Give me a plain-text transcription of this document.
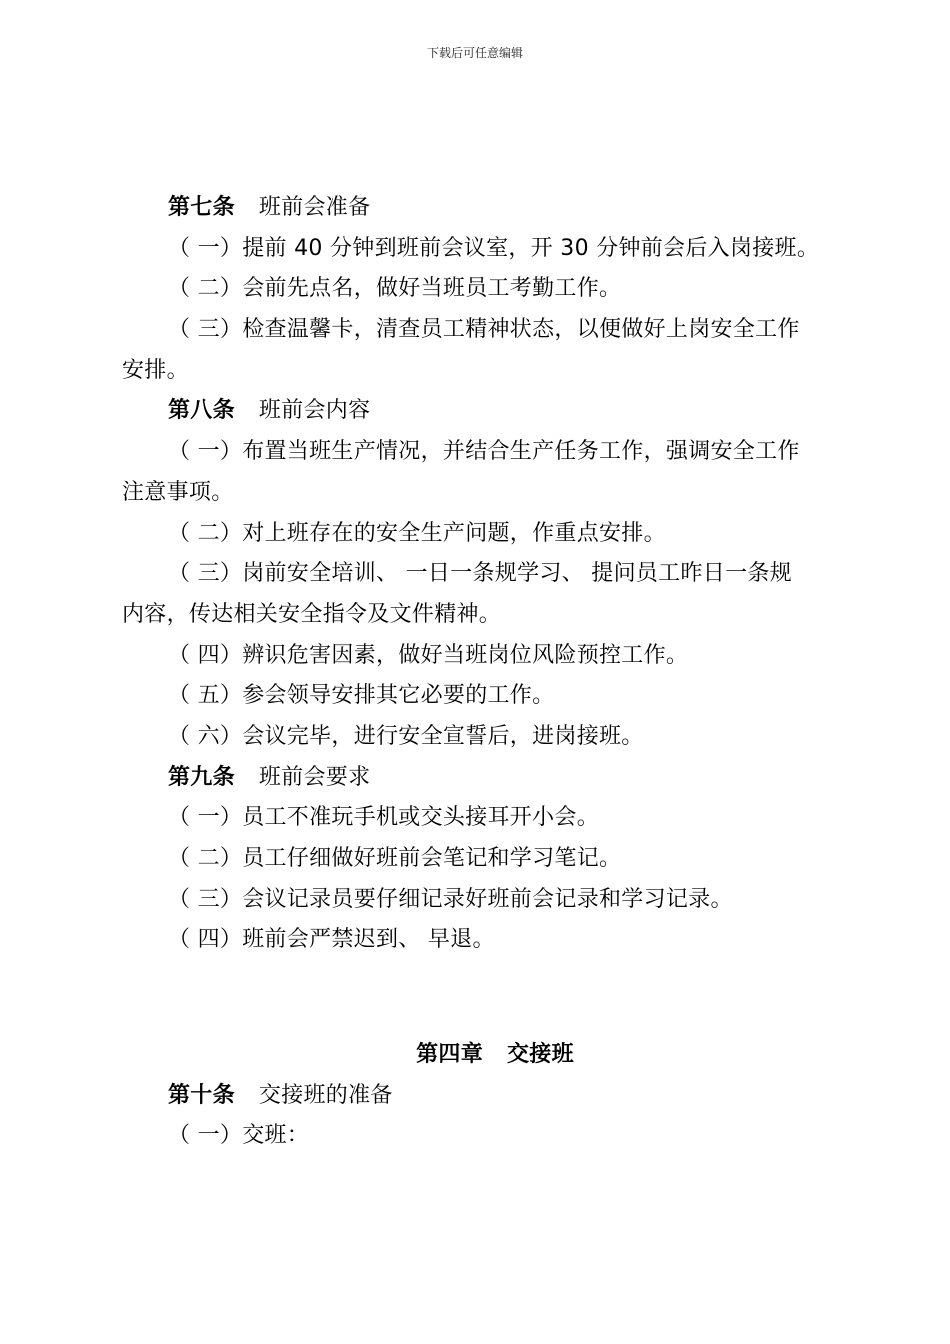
下载后可任意编辑
第七条 班前会准备
（ 一）提前 40 分钟到班前会议室，开 30 分钟前会后入岗接班。
（ 二）会前先点名，做好当班员工考勤工作。
（ 三）检查温馨卡，清查员工精神状态，以便做好上岗安全工作
安排。
第八条 班前会内容
（ 一）布置当班生产情况，并结合生产任务工作，强调安全工作
注意事项。
（ 二）对上班存在的安全生产问题，作重点安排。
（ 三）岗前安全培训、 一日一条规学习、 提问员工昨日一条规
内容，传达相关安全指令及文件精神。
（ 四）辨识危害因素，做好当班岗位风险预控工作。
（ 五）参会领导安排其它必要的工作。
（ 六）会议完毕，进行安全宣誓后，进岗接班。
第九条 班前会要求
（ 一）员工不准玩手机或交头接耳开小会。
（ 二）员工仔细做好班前会笔记和学习笔记。
（ 三）会议记录员要仔细记录好班前会记录和学习记录。
（ 四）班前会严禁迟到、 早退。
第四章 交接班
第十条 交接班的准备
（ 一）交班：
